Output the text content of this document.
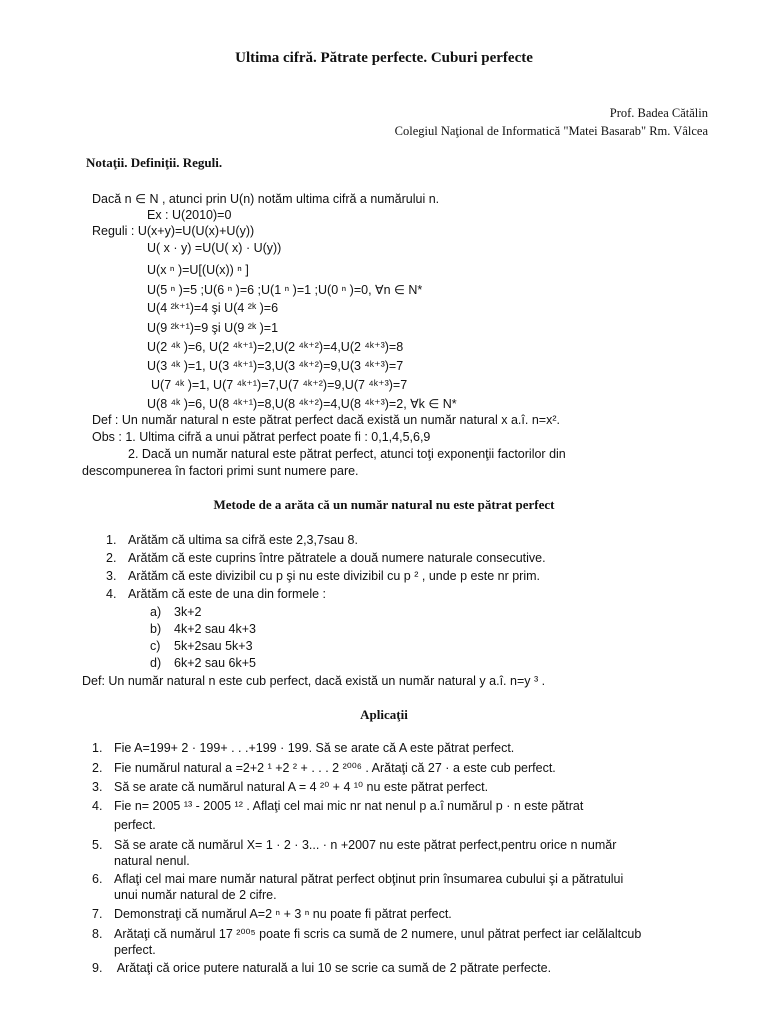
Ultima cifră. Pătrate perfecte. Cuburi perfecte
Prof. Badea Cătălin
Colegiul Naţional de Informatică "Matei Basarab" Rm. Vâlcea
Notaţii. Definiţii. Reguli.
Dacă n ∈ N , atunci prin U(n) notăm ultima cifră a numărului n.
Ex : U(2010)=0
Reguli : U(x+y)=U(U(x)+U(y))
U( x · y) =U(U( x) · U(y))
U(x ⁿ )=U[(U(x)) ⁿ ]
U(5 ⁿ )=5 ;U(6 ⁿ )=6 ;U(1 ⁿ )=1 ;U(0 ⁿ )=0, ∀n ∈ N*
U(4 ²ᵏ⁺¹)=4 şi U(4 ²ᵏ )=6
U(9 ²ᵏ⁺¹)=9 şi U(9 ²ᵏ )=1
U(2 ⁴ᵏ )=6, U(2 ⁴ᵏ⁺¹)=2,U(2 ⁴ᵏ⁺²)=4,U(2 ⁴ᵏ⁺³)=8
U(3 ⁴ᵏ )=1, U(3 ⁴ᵏ⁺¹)=3,U(3 ⁴ᵏ⁺²)=9,U(3 ⁴ᵏ⁺³)=7
U(7 ⁴ᵏ )=1, U(7 ⁴ᵏ⁺¹)=7,U(7 ⁴ᵏ⁺²)=9,U(7 ⁴ᵏ⁺³)=7
U(8 ⁴ᵏ )=6, U(8 ⁴ᵏ⁺¹)=8,U(8 ⁴ᵏ⁺²)=4,U(8 ⁴ᵏ⁺³)=2, ∀k ∈ N*
Def : Un număr natural n este pătrat perfect dacă există un număr natural x a.î. n=x².
Obs : 1. Ultima cifră a unui pătrat perfect poate fi : 0,1,4,5,6,9
2. Dacă un număr natural este pătrat perfect, atunci toţi exponenţii factorilor din
descompunerea în factori primi sunt numere pare.
Metode de a arăta că un număr natural nu este pătrat perfect
1. Arătăm că ultima sa cifră este 2,3,7sau 8.
2. Arătăm că este cuprins între pătratele a două numere naturale consecutive.
3. Arătăm că este divizibil cu p şi nu este divizibil cu p ² , unde p este nr prim.
4. Arătăm că este de una din formele :
a) 3k+2
b) 4k+2 sau 4k+3
c) 5k+2sau 5k+3
d) 6k+2 sau 6k+5
Def: Un număr natural n este cub perfect, dacă există un număr natural y a.î. n=y ³ .
Aplicaţii
1. Fie A=199+ 2 · 199+ . . .+199 · 199. Să se arate că A este pătrat perfect.
2. Fie numărul natural a =2+2 ¹ +2 ² + . . . 2 ²⁰⁰⁶ . Arătaţi că 27 · a este cub perfect.
3. Să se arate că numărul natural A = 4 ²⁰ + 4 ¹⁰ nu este pătrat perfect.
4. Fie n= 2005 ¹³ - 2005 ¹² . Aflaţi cel mai mic nr nat nenul p a.î numărul p · n este pătrat
perfect.
5. Să se arate că numărul X= 1 · 2 · 3... · n +2007 nu este pătrat perfect,pentru orice n număr
natural nenul.
6. Aflaţi cel mai mare număr natural pătrat perfect obţinut prin însumarea cubului şi a pătratului
unui număr natural de 2 cifre.
7. Demonstraţi că numărul A=2 ⁿ + 3 ⁿ nu poate fi pătrat perfect.
8. Arătaţi că numărul 17 ²⁰⁰⁵ poate fi scris ca sumă de 2 numere, unul pătrat perfect iar celălaltcub
perfect.
9. Arătaţi că orice putere naturală a lui 10 se scrie ca sumă de 2 pătrate perfecte.
